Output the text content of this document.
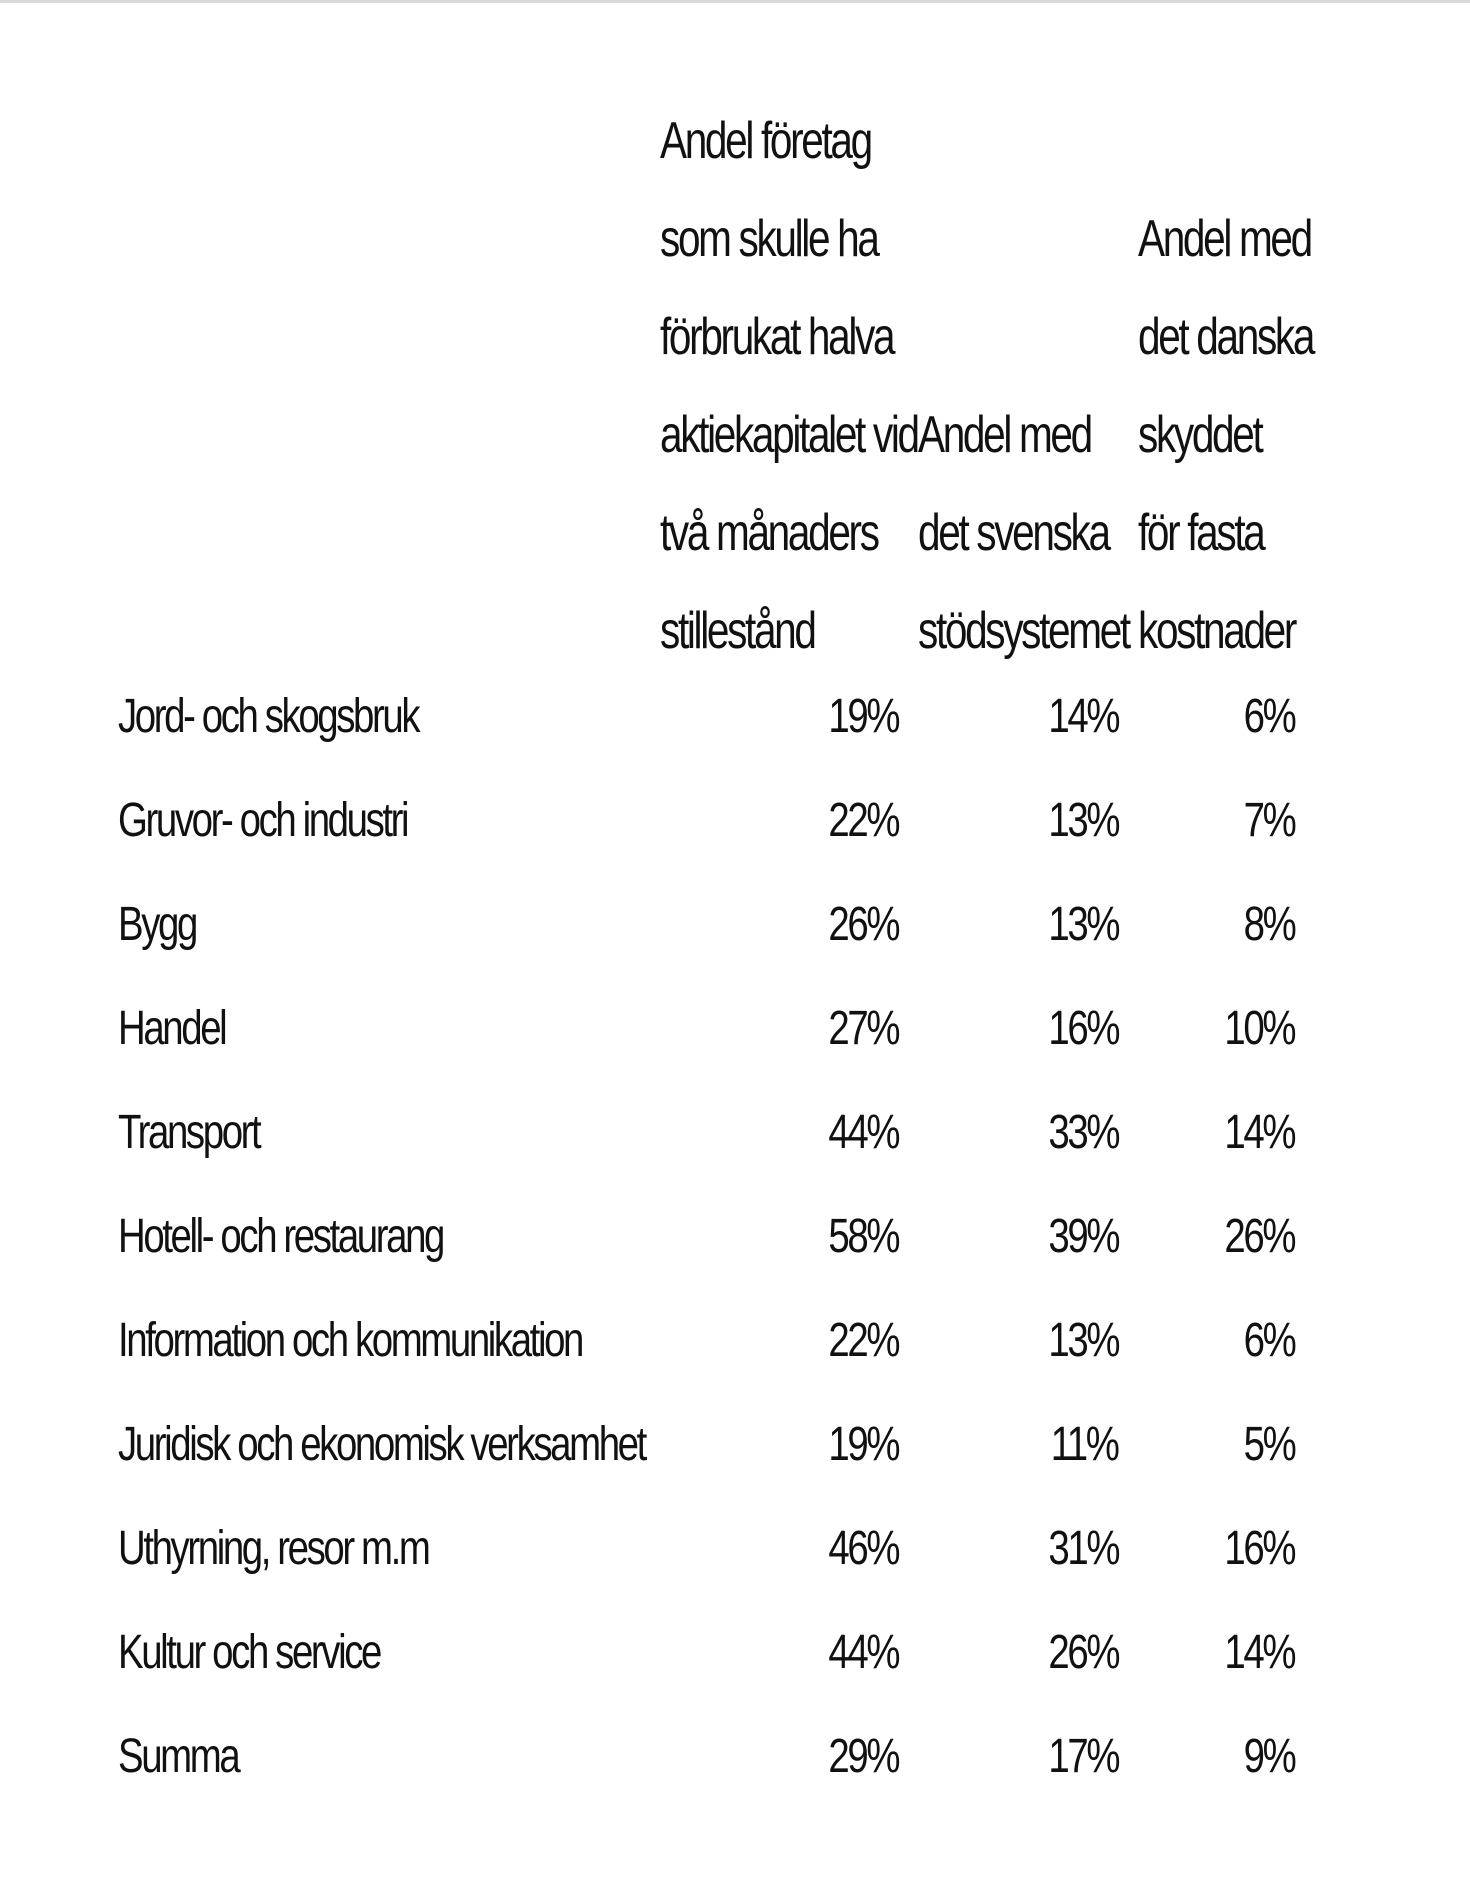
Andel företag
som skulle ha
förbrukat halva
aktiekapitalet vid
två månaders
stillestånd
Andel med
det svenska
stödsystemet
Andel med
det danska
skyddet
för fasta
kostnader
Jord- och skogsbruk	19%	14%	6%
Gruvor- och industri	22%	13%	7%
Bygg	26%	13%	8%
Handel	27%	16% 10%
Transport	44%	33% 14%
Hotell- och restaurang	58%	39% 26%
Information och kommunikation	22%	13%	6%
Juridisk och ekonomisk verksamhet	19%	11%	5%
Uthyrning, resor m.m	46%	31% 16%
Kultur och service	44%	26% 14%
Summa	29%	17%	9%
